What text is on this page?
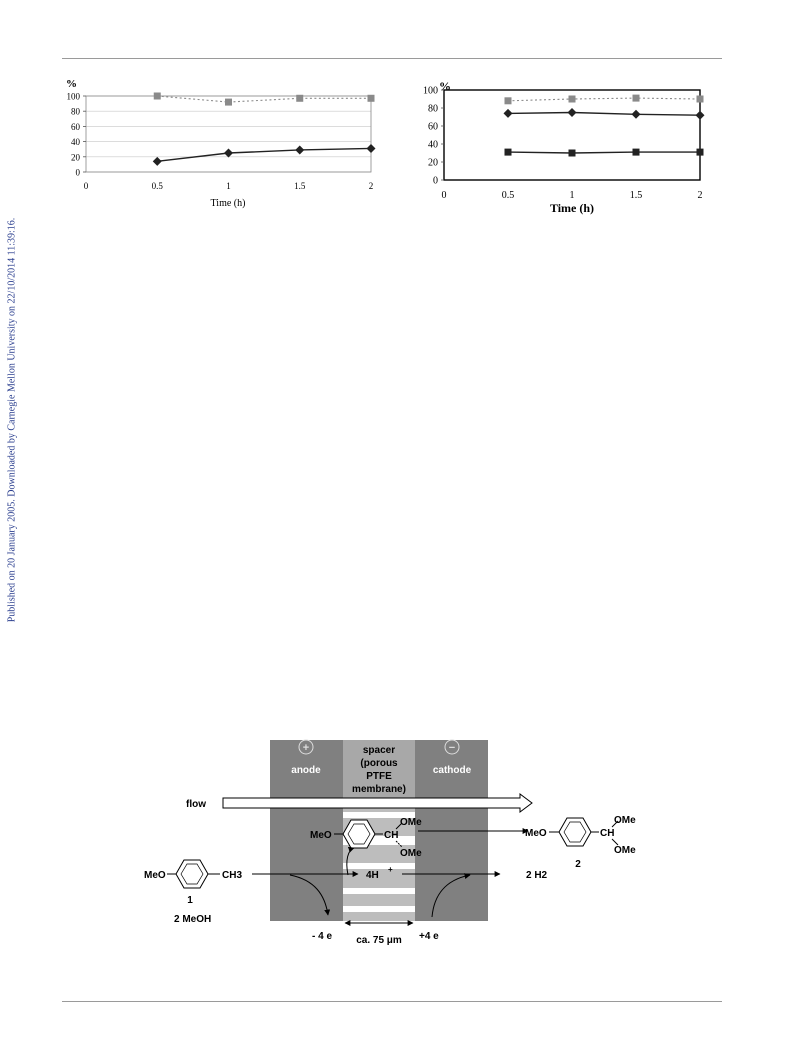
Published on 20 January 2005. Downloaded by Carnegie Mellon University on 22/10/2014 11:39:16.
%
0
20
40
60
80
100
0	0.5	1	1.5	2
Time (h)
%
0
20
40
60
80
100
0	0.5	1	1.5	2
Time (h)
+	−
anode	cathode
spacer
(porous
PTFE
membrane)
flow
MeO	CH3
1
2 MeOH
MeO	CH
OMe
OMe
MeO	CH
OMe
OMe
2
4H
+
2 H2
- 4 e	+4 e
ca. 75 μm
